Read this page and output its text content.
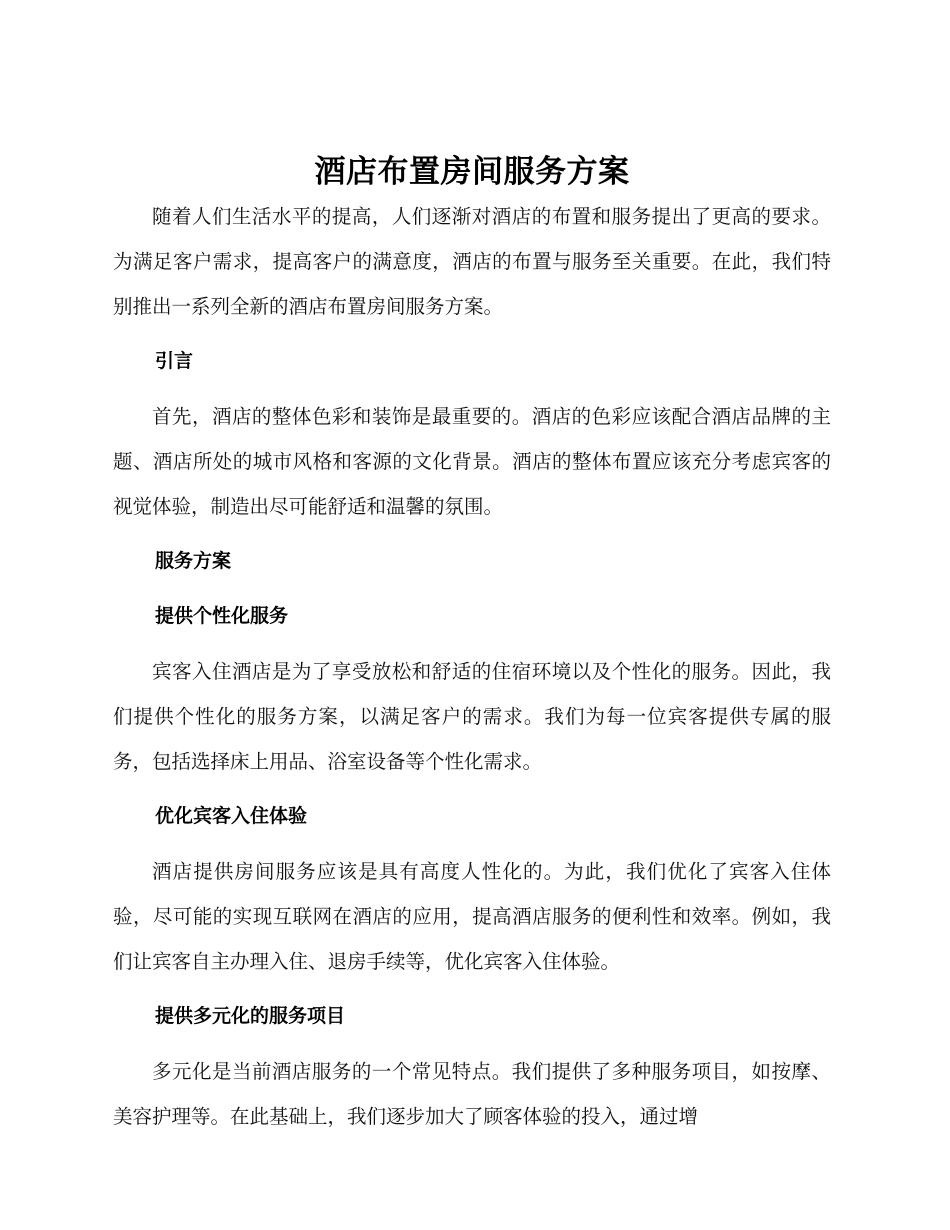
酒店布置房间服务方案

随着人们生活水平的提高，人们逐渐对酒店的布置和服务提出了更高的要求。为满足客户需求，提高客户的满意度，酒店的布置与服务至关重要。在此，我们特别推出一系列全新的酒店布置房间服务方案。

引言

首先，酒店的整体色彩和装饰是最重要的。酒店的色彩应该配合酒店品牌的主题、酒店所处的城市风格和客源的文化背景。酒店的整体布置应该充分考虑宾客的视觉体验，制造出尽可能舒适和温馨的氛围。

服务方案
提供个性化服务

宾客入住酒店是为了享受放松和舒适的住宿环境以及个性化的服务。因此，我们提供个性化的服务方案，以满足客户的需求。我们为每一位宾客提供专属的服务，包括选择床上用品、浴室设备等个性化需求。

优化宾客入住体验

酒店提供房间服务应该是具有高度人性化的。为此，我们优化了宾客入住体验，尽可能的实现互联网在酒店的应用，提高酒店服务的便利性和效率。例如，我们让宾客自主办理入住、退房手续等，优化宾客入住体验。

提供多元化的服务项目

多元化是当前酒店服务的一个常见特点。我们提供了多种服务项目，如按摩、美容护理等。在此基础上，我们逐步加大了顾客体验的投入，通过增
